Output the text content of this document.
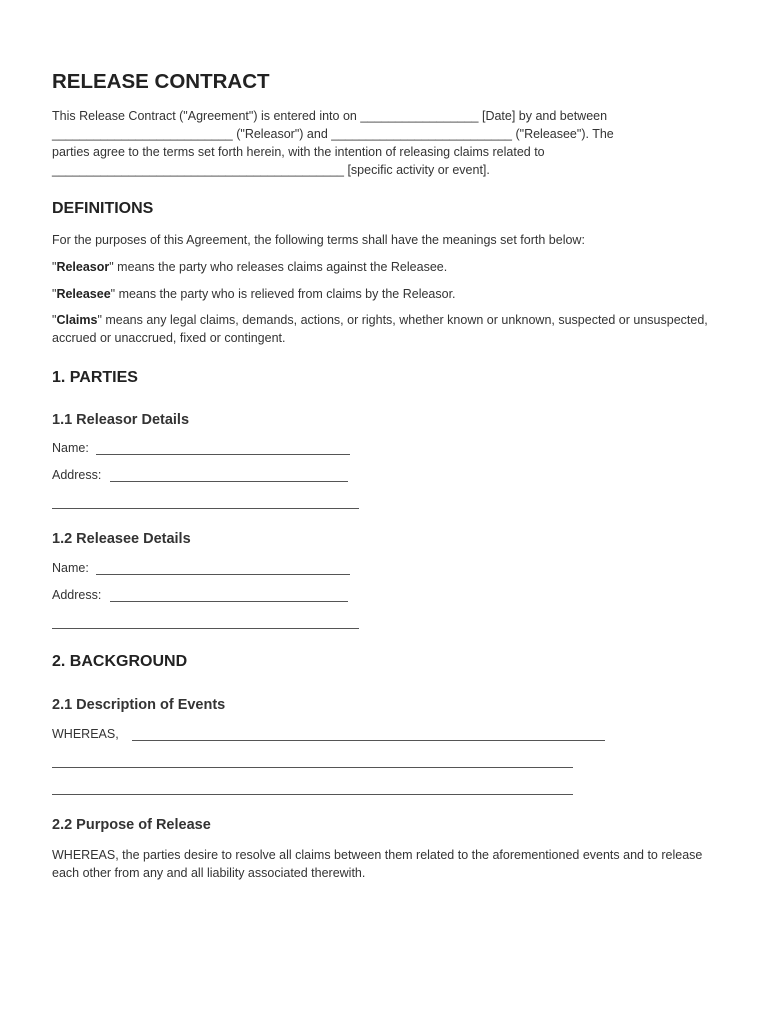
RELEASE CONTRACT
This Release Contract ("Agreement") is entered into on _________________ [Date] by and between
__________________________ ("Releasor") and __________________________ ("Releasee"). The
parties agree to the terms set forth herein, with the intention of releasing claims related to
__________________________________________ [specific activity or event].
DEFINITIONS
For the purposes of this Agreement, the following terms shall have the meanings set forth below:
"Releasor" means the party who releases claims against the Releasee.
"Releasee" means the party who is relieved from claims by the Releasor.

"Claims" means any legal claims, demands, actions, or rights, whether known or unknown, suspected or unsuspected, accrued or unaccrued, fixed or contingent.

1. PARTIES
1.1 Releasor Details
Name:
Address:
1.2 Releasee Details
Name:
Address:
2. BACKGROUND
2.1 Description of Events
WHEREAS,
2.2 Purpose of Release

WHEREAS, the parties desire to resolve all claims between them related to the aforementioned events and to release each other from any and all liability associated therewith.
